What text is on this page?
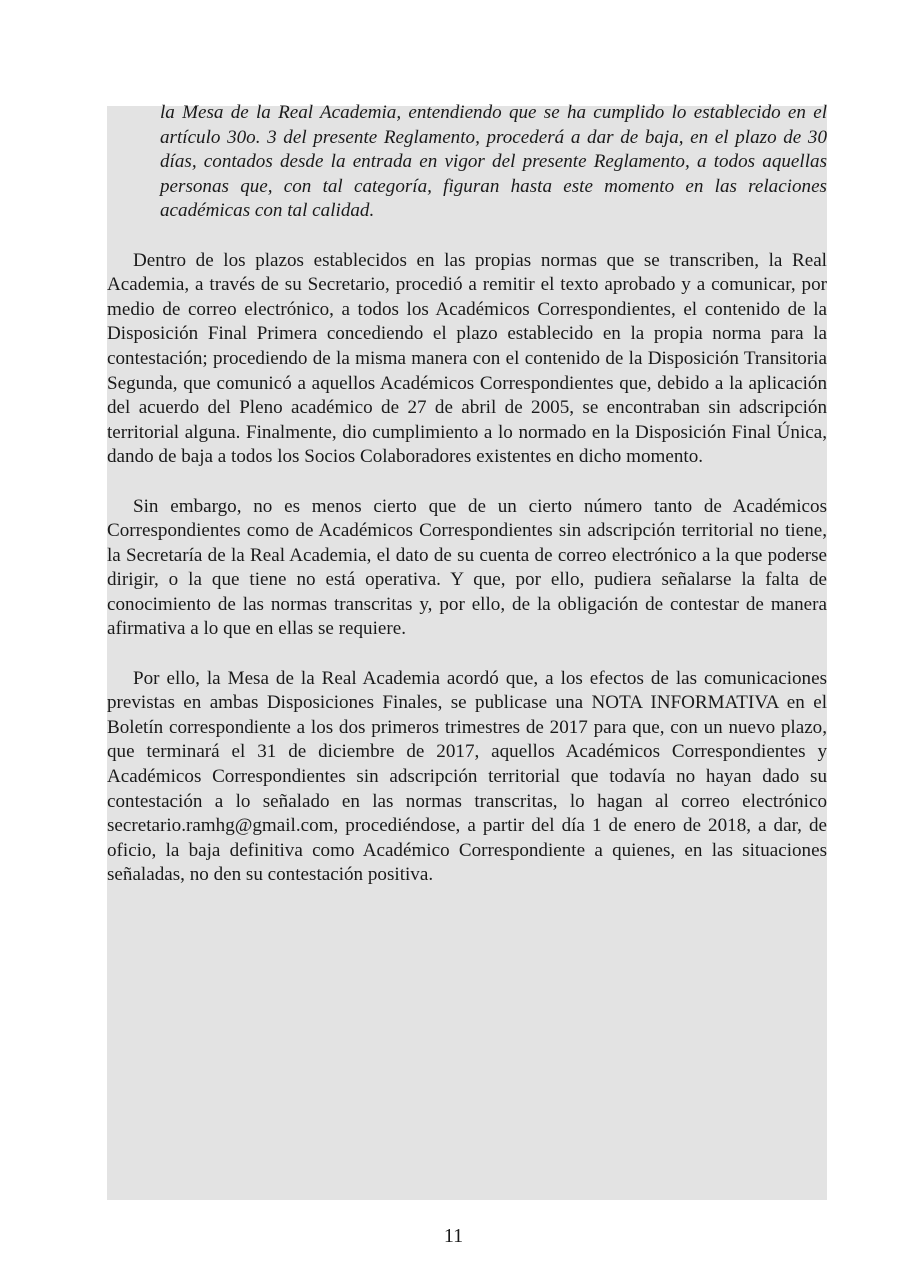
la Mesa de la Real Academia, entendiendo que se ha cumplido lo establecido en el artículo 30o. 3 del presente Reglamento, procederá a dar de baja, en el plazo de 30 días, contados desde la entrada en vigor del presente Reglamento, a todos aquellas personas que, con tal categoría, figuran hasta este momento en las relaciones académicas con tal calidad.

Dentro de los plazos establecidos en las propias normas que se transcriben, la Real Academia, a través de su Secretario, procedió a remitir el texto aprobado y a comunicar, por medio de correo electrónico, a todos los Académicos Correspondientes, el contenido de la Disposición Final Primera concediendo el plazo establecido en la propia norma para la contestación; procediendo de la misma manera con el contenido de la Disposición Transitoria Segunda, que comunicó a aquellos Académicos Correspondientes que, debido a la aplicación del acuerdo del Pleno académico de 27 de abril de 2005, se encontraban sin adscripción territorial alguna. Finalmente, dio cumplimiento a lo normado en la Disposición Final Única, dando de baja a todos los Socios Colaboradores existentes en dicho momento.

Sin embargo, no es menos cierto que de un cierto número tanto de Académicos Correspondientes como de Académicos Correspondientes sin adscripción territorial no tiene, la Secretaría de la Real Academia, el dato de su cuenta de correo electrónico a la que poderse dirigir, o la que tiene no está operativa. Y que, por ello, pudiera señalarse la falta de conocimiento de las normas transcritas y, por ello, de la obligación de contestar de manera afirmativa a lo que en ellas se requiere.

Por ello, la Mesa de la Real Academia acordó que, a los efectos de las comunicaciones previstas en ambas Disposiciones Finales, se publicase una NOTA INFORMATIVA en el Boletín correspondiente a los dos primeros trimestres de 2017 para que, con un nuevo plazo, que terminará el 31 de diciembre de 2017, aquellos Académicos Correspondientes y Académicos Correspondientes sin adscripción territorial que todavía no hayan dado su contestación a lo señalado en las normas transcritas, lo hagan al correo electrónico secretario.ramhg@gmail.com, procediéndose, a partir del día 1 de enero de 2018, a dar, de oficio, la baja definitiva como Académico Correspondiente a quienes, en las situaciones señaladas, no den su contestación positiva.

11
